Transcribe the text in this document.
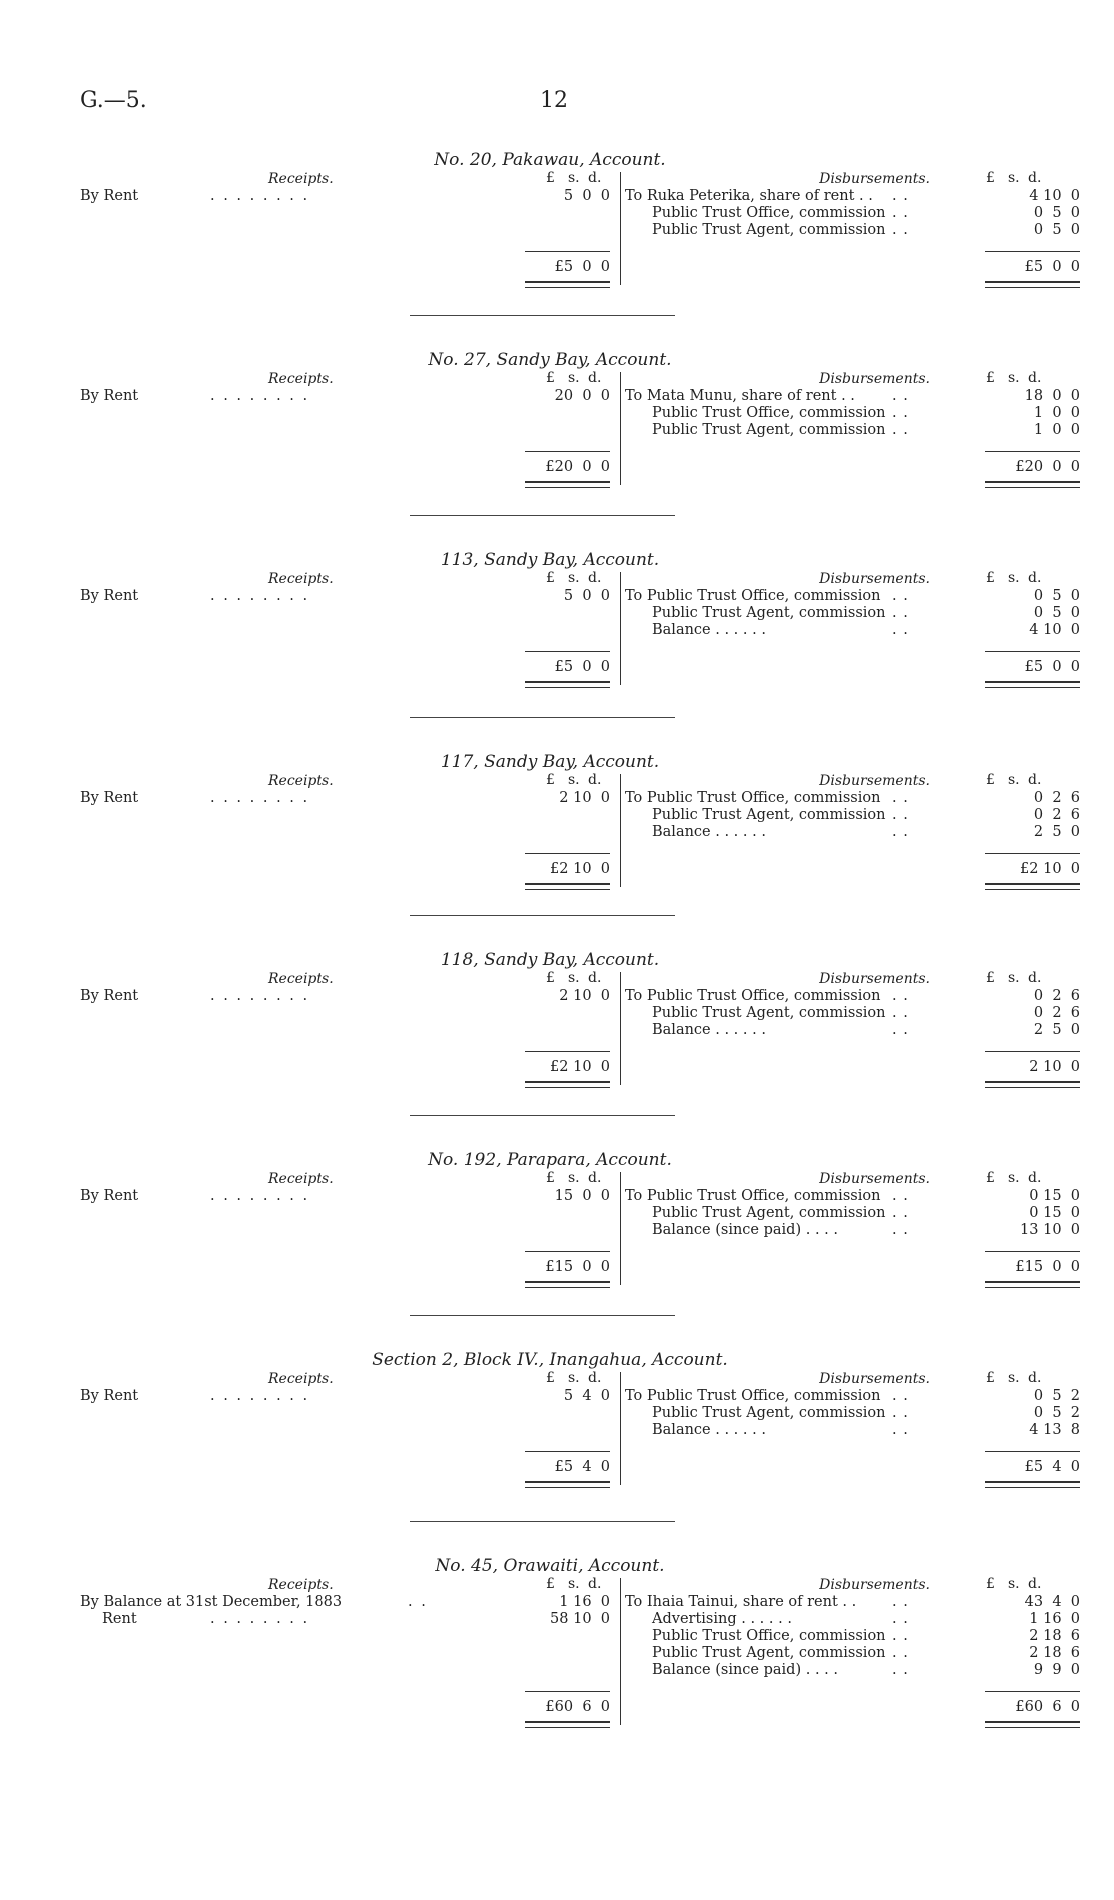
G.—5.	12
No. 20, Pakawau, Account.
Receipts.	£ s. d.
By Rent	. . . . . . . .	5  0  0
Disbursements.	£ s. d.
To Ruka Peterika, share of rent . . . .	4 10  0
Public Trust Office, commission . .	0  5  0
Public Trust Agent, commission . .	0  5  0
£5  0  0	£5  0  0
No. 27, Sandy Bay, Account.
Receipts.	£ s. d.
By Rent	. . . . . . . .	20  0  0
Disbursements.	£ s. d.
To Mata Munu, share of rent . .	. .	18  0  0
Public Trust Office, commission . .	1  0  0
Public Trust Agent, commission . .	1  0  0
£20  0  0	£20  0  0
113, Sandy Bay, Account.
Receipts.	£ s. d.
By Rent	. . . . . . . .	5  0  0
Disbursements.	£ s. d.
To Public Trust Office, commission . .	0  5  0
Public Trust Agent, commission . .	0  5  0
Balance . . . . . .	. .	4 10  0
£5  0  0	£5  0  0
117, Sandy Bay, Account.
Receipts.	£ s. d.
By Rent	. . . . . . . .	2 10  0
Disbursements.	£ s. d.
To Public Trust Office, commission . .	0  2  6
Public Trust Agent, commission . .	0  2  6
Balance . . . . . .	. .	2  5  0
£2 10  0	£2 10  0
118, Sandy Bay, Account.
Receipts.	£ s. d.
By Rent	. . . . . . . .	2 10  0
Disbursements.	£ s. d.
To Public Trust Office, commission . .	0  2  6
Public Trust Agent, commission . .	0  2  6
Balance . . . . . .	. .	2  5  0
£2 10  0	2 10  0
No. 192, Parapara, Account.
Receipts.	£ s. d.
By Rent	. . . . . . . .	15  0  0
Disbursements.	£ s. d.
To Public Trust Office, commission . .	0 15  0
Public Trust Agent, commission . .	0 15  0
Balance (since paid) . . . .	. .	13 10  0
£15  0  0	£15  0  0
Section 2, Block IV., Inangahua, Account.
Receipts.	£ s. d.
By Rent	. . . . . . . .	5  4  0
Disbursements.	£ s. d.
To Public Trust Office, commission . .	0  5  2
Public Trust Agent, commission . .	0  5  2
Balance . . . . . .	. .	4 13  8
£5  4  0	£5  4  0
No. 45, Orawaiti, Account.
Receipts.	£ s. d.
By Balance at 31st December, 1883	. .	1 16  0
Rent	. . . . . . . .	58 10  0
Disbursements.	£ s. d.
To Ihaia Tainui, share of rent . . . .	43  4  0
Advertising . . . . . .	. .	1 16  0
Public Trust Office, commission . .	2 18  6
Public Trust Agent, commission . .	2 18  6
Balance (since paid) . . . .	. .	9  9  0
£60  6  0	£60  6  0
